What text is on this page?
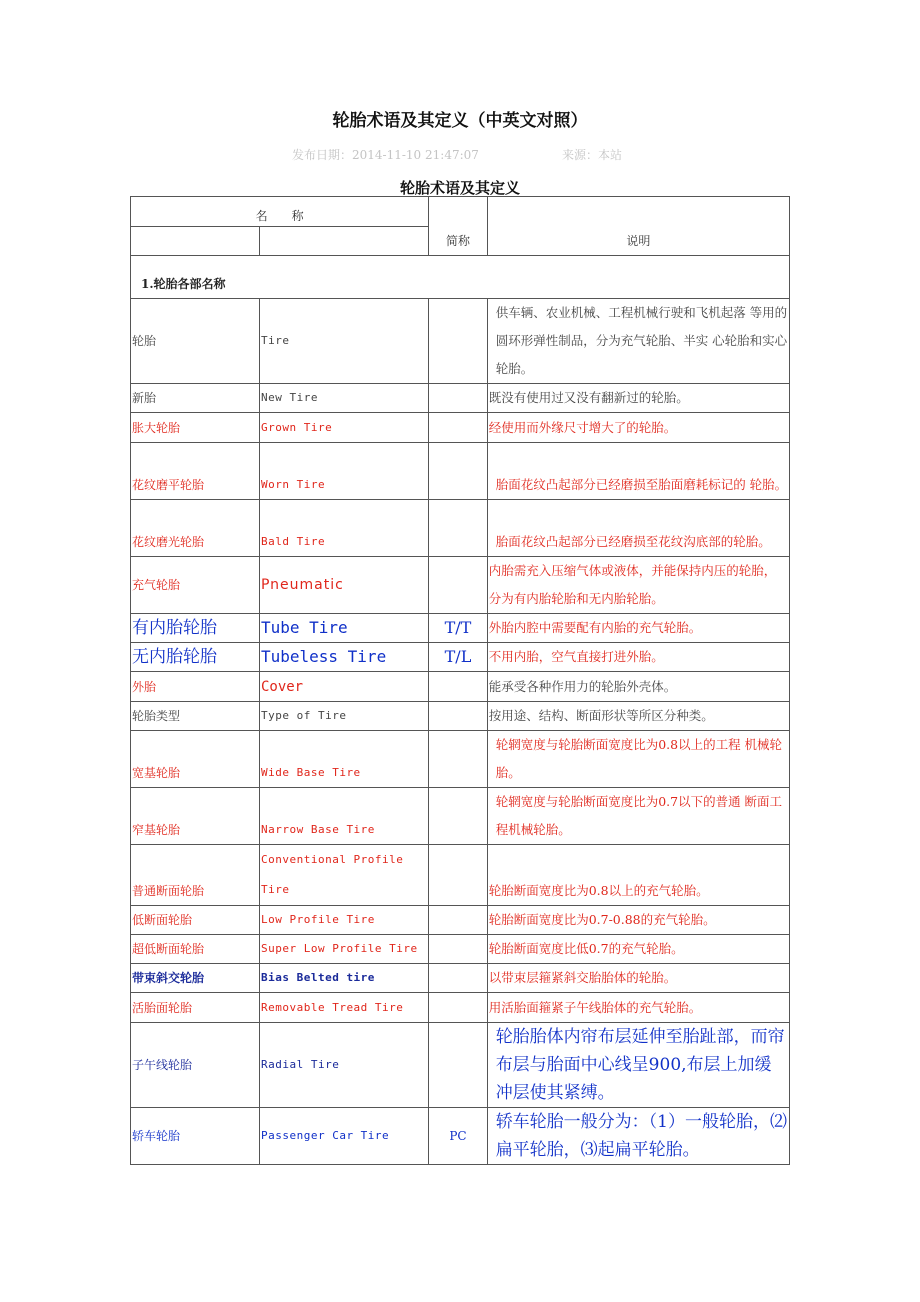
轮胎术语及其定义（中英文对照）
发布日期：2014-11-10 21:47:07	来源：本站
轮胎术语及其定义
名　　称		简称	说明

1.轮胎各部名称			
轮胎	Tire		供车辆、农业机械、工程机械行驶和飞机起落 等用的圆环形弹性制品，分为充气轮胎、半实 心轮胎和实心轮胎。
新胎	New Tire		既没有使用过又没有翻新过的轮胎。
胀大轮胎	Grown Tire		经使用而外缘尺寸增大了的轮胎。
花纹磨平轮胎	Worn Tire		胎面花纹凸起部分已经磨损至胎面磨耗标记的 轮胎。
花纹磨光轮胎	Bald Tire		胎面花纹凸起部分已经磨损至花纹沟底部的轮胎。
充气轮胎	Pneumatic		内胎需充入压缩气体或液体，并能保持内压的轮胎，分为有内胎轮胎和无内胎轮胎。
有内胎轮胎	Tube Tire	T/T	外胎内腔中需要配有内胎的充气轮胎。
无内胎轮胎	Tubeless Tire	T/L	不用内胎，空气直接打进外胎。
外胎	Cover		能承受各种作用力的轮胎外壳体。
轮胎类型	Type of Tire		按用途、结构、断面形状等所区分种类。
宽基轮胎	Wide Base Tire		轮辋宽度与轮胎断面宽度比为0.8以上的工程 机械轮胎。
窄基轮胎	Narrow Base Tire		轮辋宽度与轮胎断面宽度比为0.7以下的普通 断面工程机械轮胎。
普通断面轮胎	Conventional Profile Tire		轮胎断面宽度比为0.8以上的充气轮胎。
低断面轮胎	Low Profile Tire		轮胎断面宽度比为0.7-0.88的充气轮胎。
超低断面轮胎	Super Low Profile Tire		轮胎断面宽度比低0.7的充气轮胎。
带束斜交轮胎	Bias Belted tire		以带束层箍紧斜交胎胎体的轮胎。
活胎面轮胎	Removable Tread Tire		用活胎面箍紧子午线胎体的充气轮胎。
子午线轮胎	Radial Tire		轮胎胎体内帘布层延伸至胎趾部，而帘布层与胎面中心线呈900,布层上加缓冲层使其紧缚。
轿车轮胎	Passenger Car Tire	PC	轿车轮胎一般分为：（1）一般轮胎，⑵扁平轮胎，⑶起扁平轮胎。
